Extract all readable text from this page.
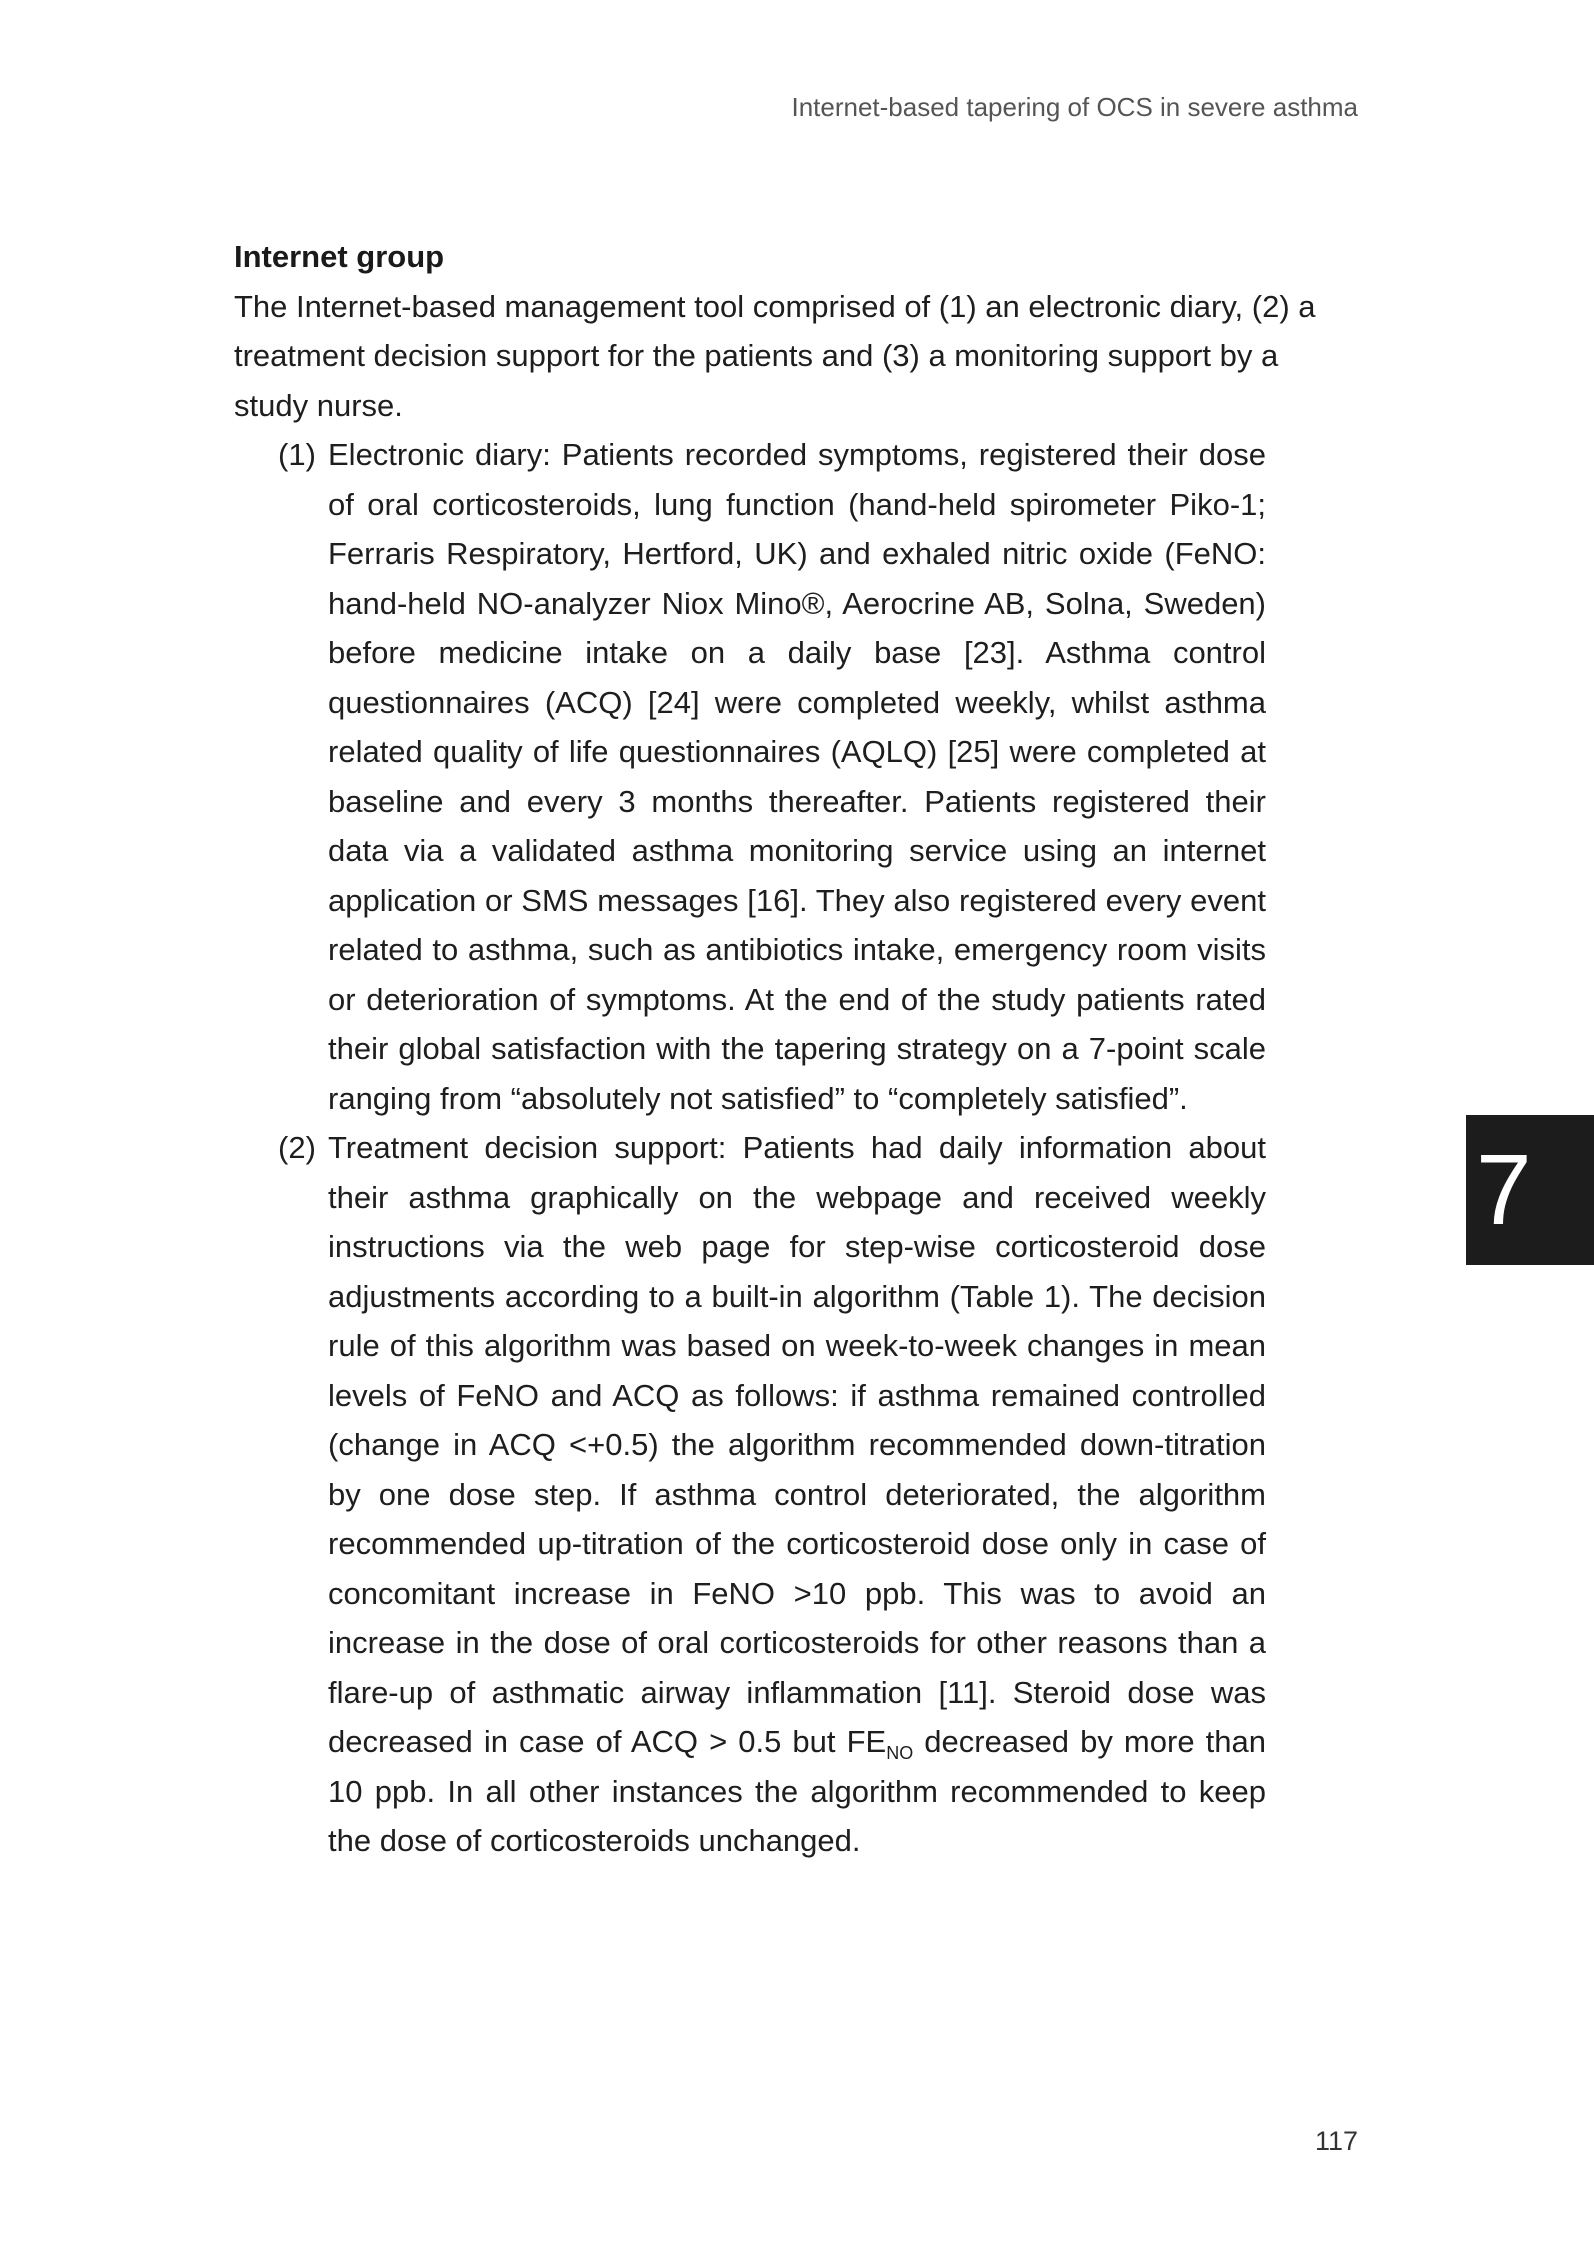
Internet-based tapering of OCS in severe asthma
Internet group

The Internet-based management tool comprised of (1) an electronic diary, (2) a treatment decision support for the patients and (3) a monitoring support by a study nurse.

(1) Electronic diary: Patients recorded symptoms, registered their dose of oral corticosteroids, lung function (hand-held spirometer Piko-1; Ferraris Respiratory, Hertford, UK) and exhaled nitric oxide (FeNO: hand-held NO-analyzer Niox Mino®, Aerocrine AB, Solna, Sweden) before medicine intake on a daily base [23]. Asthma control questionnaires (ACQ) [24] were completed weekly, whilst asthma related quality of life questionnaires (AQLQ) [25] were completed at baseline and every 3 months thereafter. Patients registered their data via a validated asthma monitoring service using an internet application or SMS messages [16]. They also registered every event related to asthma, such as antibiotics intake, emergency room visits or deterioration of symptoms. At the end of the study patients rated their global satisfaction with the tapering strategy on a 7-point scale ranging from “absolutely not satisfied” to “completely satisfied”.

(2) Treatment decision support: Patients had daily information about their asthma graphically on the webpage and received weekly instructions via the web page for step-wise corticosteroid dose adjustments according to a built-in algorithm (Table 1). The decision rule of this algorithm was based on week-to-week changes in mean levels of FeNO and ACQ as follows: if asthma remained controlled (change in ACQ <+0.5) the algorithm recommended down-titration by one dose step. If asthma control deteriorated, the algorithm recommended up-titration of the corticosteroid dose only in case of concomitant increase in FeNO >10 ppb. This was to avoid an increase in the dose of oral corticosteroids for other reasons than a flare-up of asthmatic airway inflammation [11]. Steroid dose was decreased in case of ACQ > 0.5 but $FE_{NO}$ decreased by more than 10 ppb. In all other instances the algorithm recommended to keep the dose of corticosteroids unchanged.

7
117
